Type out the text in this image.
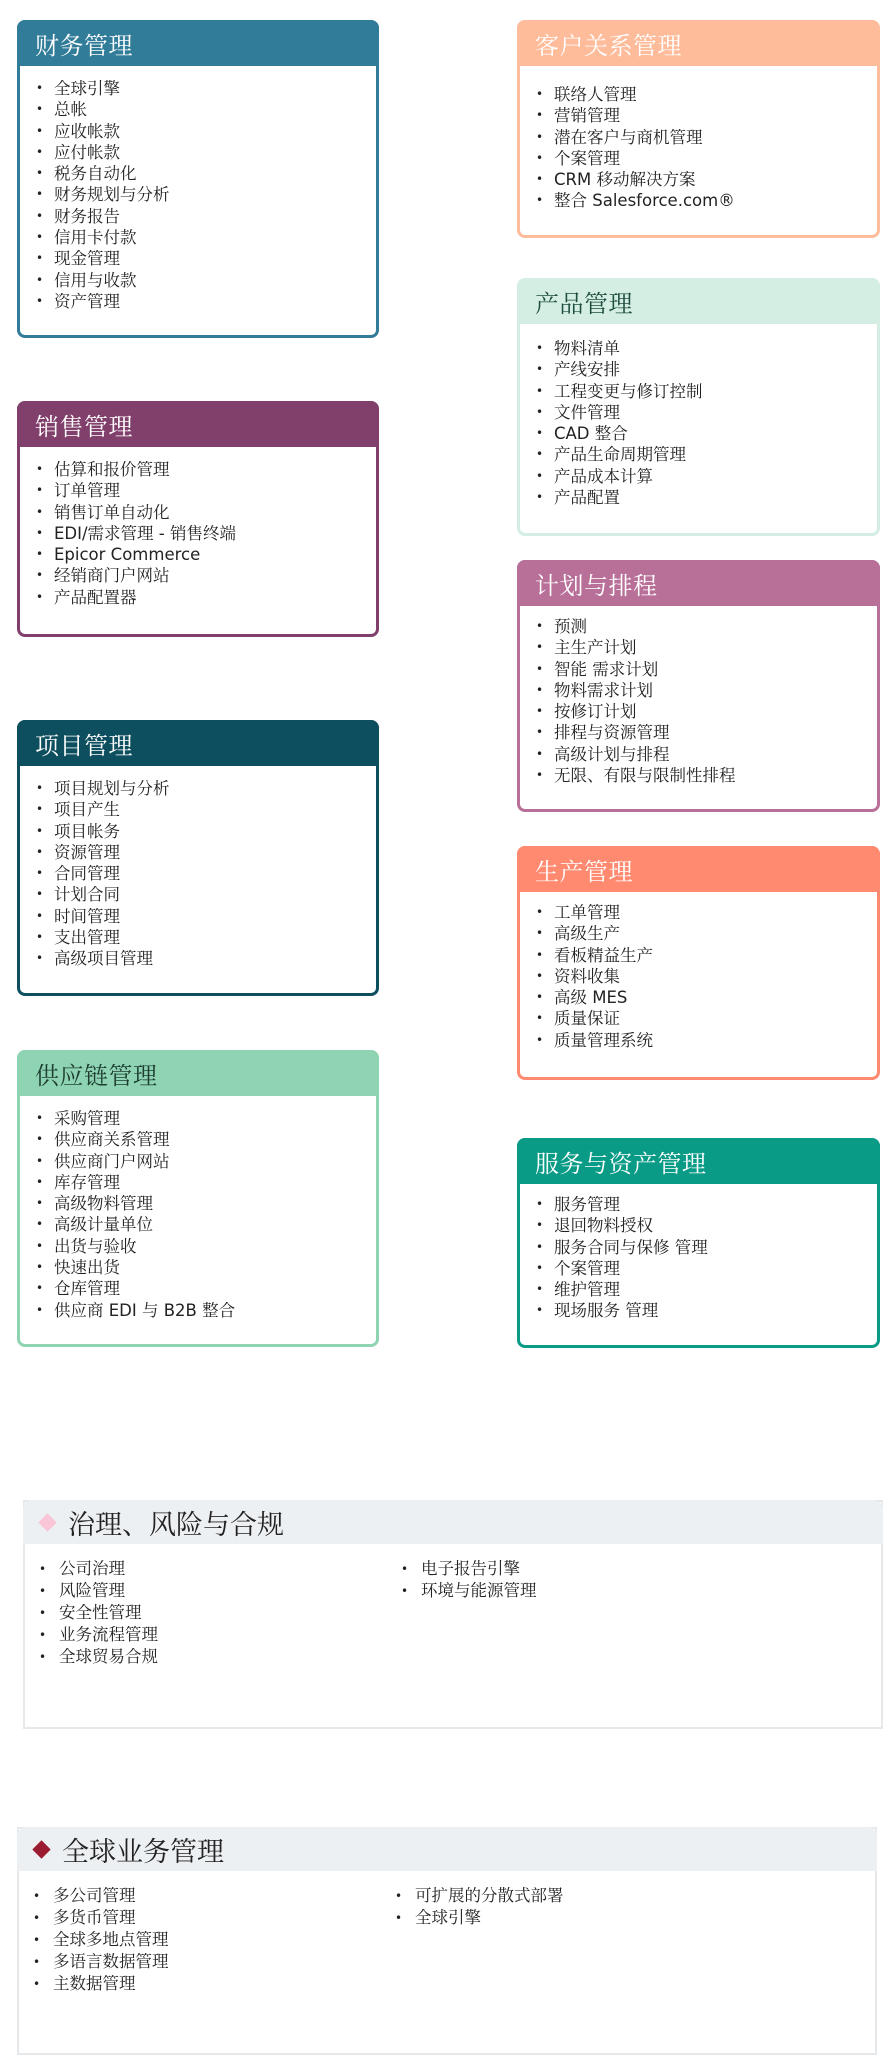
财务管理
• 全球引擎
• 总帐
• 应收帐款
• 应付帐款
• 税务自动化
• 财务规划与分析
• 财务报告
• 信用卡付款
• 现金管理
• 信用与收款
• 资产管理
销售管理
• 估算和报价管理
• 订单管理
• 销售订单自动化
• EDI/需求管理 - 销售终端
• Epicor Commerce
• 经销商门户网站
• 产品配置器
项目管理
• 项目规划与分析
• 项目产生
• 项目帐务
• 资源管理
• 合同管理
• 计划合同
• 时间管理
• 支出管理
• 高级项目管理
供应链管理
• 采购管理
• 供应商关系管理
• 供应商门户网站
• 库存管理
• 高级物料管理
• 高级计量单位
• 出货与验收
• 快速出货
• 仓库管理
• 供应商 EDI 与 B2B 整合
客户关系管理
• 联络人管理
• 营销管理
• 潜在客户与商机管理
• 个案管理
• CRM 移动解决方案
• 整合 Salesforce.com®
产品管理
• 物料清单
• 产线安排
• 工程变更与修订控制
• 文件管理
• CAD 整合
• 产品生命周期管理
• 产品成本计算
• 产品配置
计划与排程
• 预测
• 主生产计划
• 智能 需求计划
• 物料需求计划
• 按修订计划
• 排程与资源管理
• 高级计划与排程
• 无限、有限与限制性排程
生产管理
• 工单管理
• 高级生产
• 看板精益生产
• 资料收集
• 高级 MES
• 质量保证
• 质量管理系统
服务与资产管理
• 服务管理
• 退回物料授权
• 服务合同与保修 管理
• 个案管理
• 维护管理
• 现场服务 管理
治理、风险与合规
• 公司治理
• 风险管理
• 安全性管理
• 业务流程管理
• 全球贸易合规
• 电子报告引擎
• 环境与能源管理
全球业务管理
• 多公司管理
• 多货币管理
• 全球多地点管理
• 多语言数据管理
• 主数据管理
• 可扩展的分散式部署
• 全球引擎
